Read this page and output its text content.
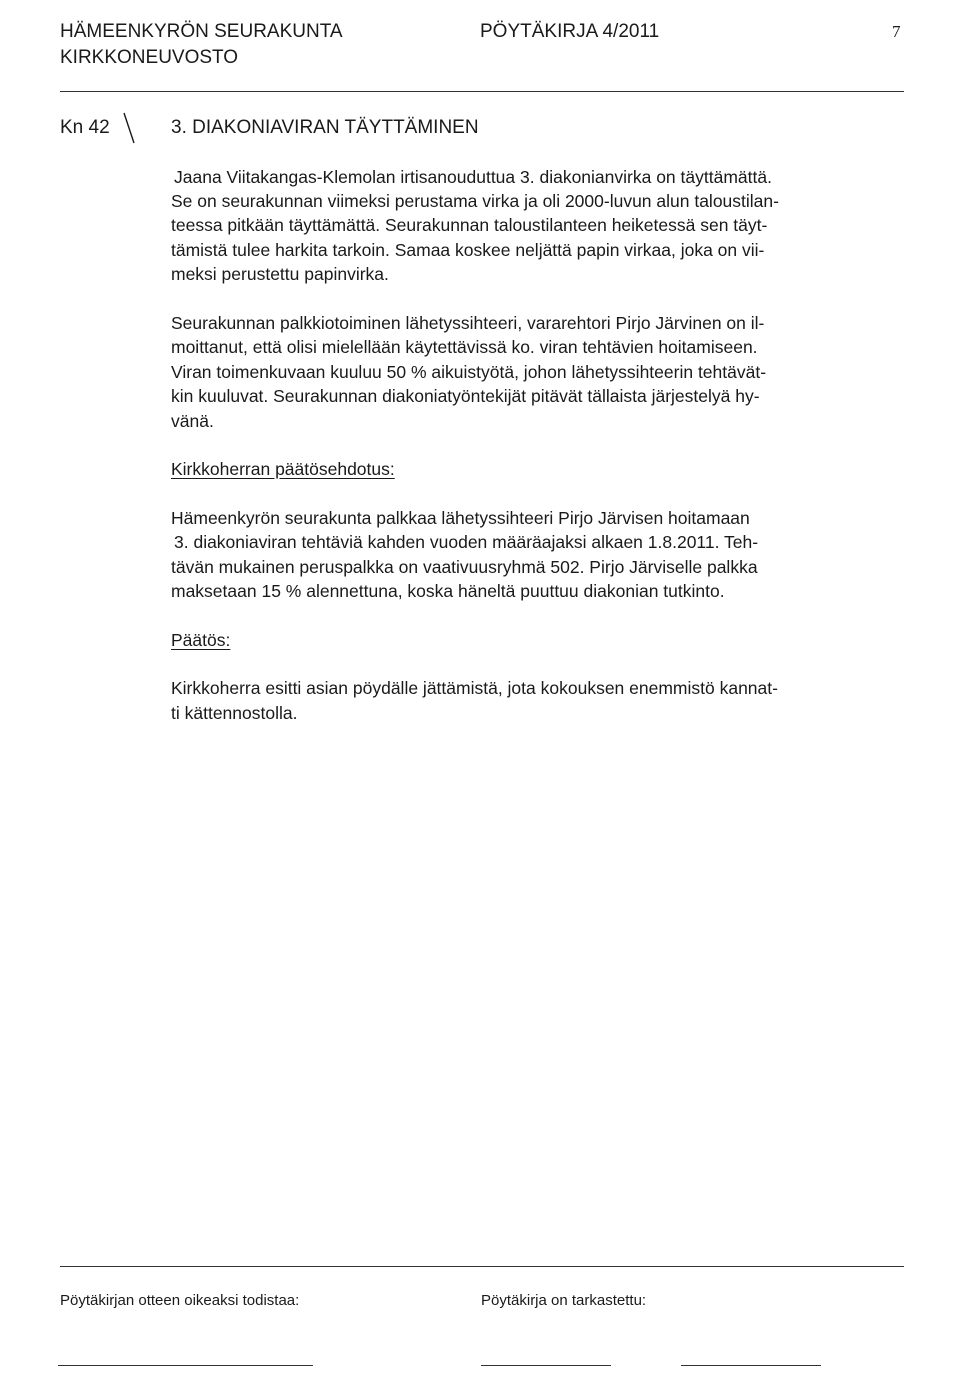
HÄMEENKYRÖN SEURAKUNTA
KIRKKONEUVOSTO
PÖYTÄKIRJA 4/2011	7
Kn 42	3. DIAKONIAVIRAN TÄYTTÄMINEN
Jaana Viitakangas-Klemolan irtisanouduttua 3. diakonianvirka on täyttämättä.
Se on seurakunnan viimeksi perustama virka ja oli 2000-luvun alun taloustilan-
teessa pitkään täyttämättä. Seurakunnan taloustilanteen heiketessä sen täyt-
tämistä tulee harkita tarkoin. Samaa koskee neljättä papin virkaa, joka on vii-
meksi perustettu papinvirka.
Seurakunnan palkkiotoiminen lähetyssihteeri, vararehtori Pirjo Järvinen on il-
moittanut, että olisi mielellään käytettävissä ko. viran tehtävien hoitamiseen.
Viran toimenkuvaan kuuluu 50 % aikuistyötä, johon lähetyssihteerin tehtävät-
kin kuuluvat. Seurakunnan diakoniatyöntekijät pitävät tällaista järjestelyä hy-
vänä.
Kirkkoherran päätösehdotus:
Hämeenkyrön seurakunta palkkaa lähetyssihteeri Pirjo Järvisen hoitamaan
3. diakoniaviran tehtäviä kahden vuoden määräajaksi alkaen 1.8.2011. Teh-
tävän mukainen peruspalkka on vaativuusryhmä 502. Pirjo Järviselle palkka
maksetaan 15 % alennettuna, koska häneltä puuttuu diakonian tutkinto.
Päätös:
Kirkkoherra esitti asian pöydälle jättämistä, jota kokouksen enemmistö kannat-
ti kättennostolla.
Pöytäkirjan otteen oikeaksi todistaa:	Pöytäkirja on tarkastettu:
